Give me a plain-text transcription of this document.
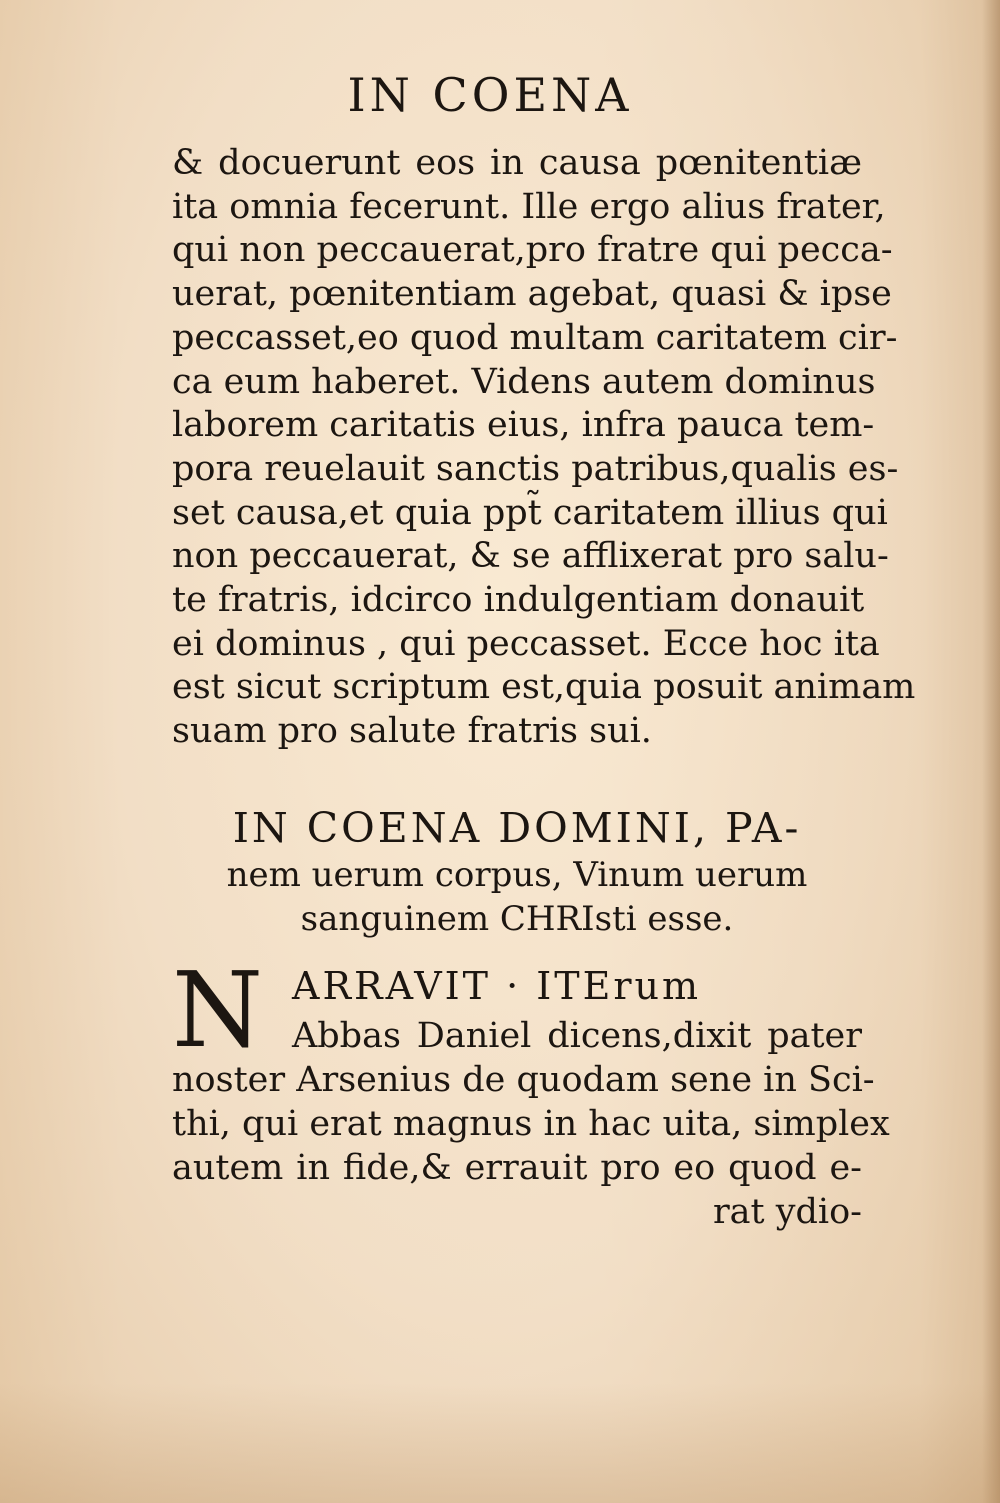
IN COENA
& docuerunt eos in causa pœnitentiæ
ita omnia fecerunt. Ille ergo alius frater,
qui non peccauerat,pro fratre qui pecca-
uerat, pœnitentiam agebat, quasi & ipse
peccasset,eo quod multam caritatem cir-
ca eum haberet. Videns autem dominus
laborem caritatis eius, infra pauca tem-
pora reuelauit sanctis patribus,qualis es-
set causa,et quia ppt̃ caritatem illius qui
non peccauerat, & se afflixerat pro salu-
te fratris, idcirco indulgentiam donauit
ei dominus , qui peccasset. Ecce hoc ita
est sicut scriptum est,quia posuit animam
suam pro salute fratris sui.
IN COENA DOMINI, PA-
nem uerum corpus, Vinum uerum
sanguinem CHRIsti esse.
N ARRAVIT · ITErum
Abbas Daniel dicens,dixit pater
noster Arsenius de quodam sene in Sci-
thi, qui erat magnus in hac uita, simplex
autem in fide,& errauit pro eo quod e-
rat ydio-
